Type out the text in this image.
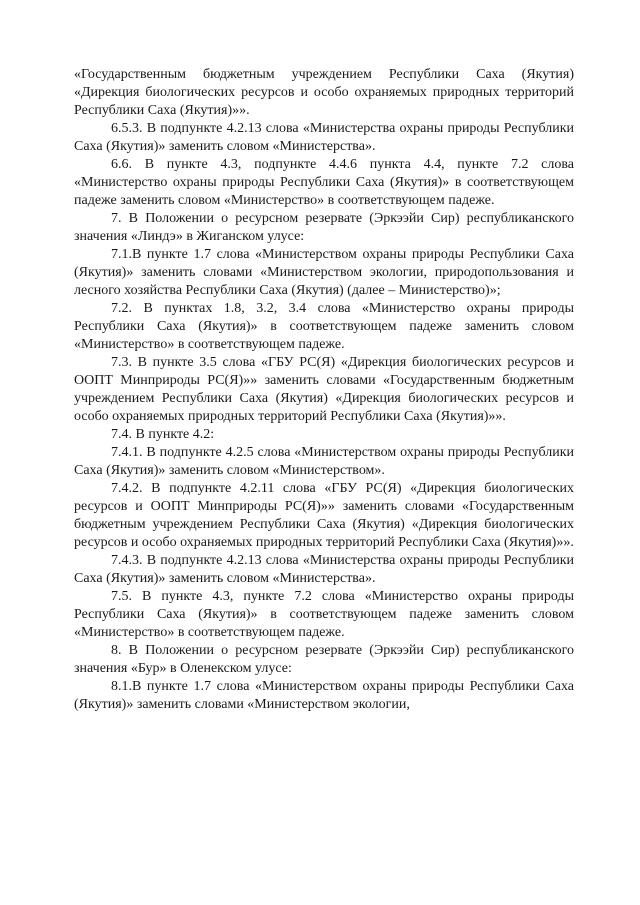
«Государственным бюджетным учреждением Республики Саха (Якутия) «Дирекция биологических ресурсов и особо охраняемых природных территорий Республики Саха (Якутия)»».

6.5.3. В подпункте 4.2.13 слова «Министерства охраны природы Республики Саха (Якутия)» заменить словом «Министерства».

6.6. В пункте 4.3, подпункте 4.4.6 пункта 4.4, пункте 7.2 слова «Министерство охраны природы Республики Саха (Якутия)» в соответствующем падеже заменить словом «Министерство» в соответствующем падеже.

7. В Положении о ресурсном резервате (Эркээйи Сир) республиканского значения «Линдэ» в Жиганском улусе:

7.1.В пункте 1.7 слова «Министерством охраны природы Республики Саха (Якутия)» заменить словами «Министерством экологии, природопользования и лесного хозяйства Республики Саха (Якутия) (далее – Министерство)»;

7.2. В пунктах 1.8, 3.2, 3.4 слова «Министерство охраны природы Республики Саха (Якутия)» в соответствующем падеже заменить словом «Министерство» в соответствующем падеже.

7.3. В пункте 3.5 слова «ГБУ РС(Я) «Дирекция биологических ресурсов и ООПТ Минприроды РС(Я)»» заменить словами «Государственным бюджетным учреждением Республики Саха (Якутия) «Дирекция биологических ресурсов и особо охраняемых природных территорий Республики Саха (Якутия)»».

7.4. В пункте 4.2:

7.4.1. В подпункте 4.2.5 слова «Министерством охраны природы Республики Саха (Якутия)» заменить словом «Министерством».

7.4.2. В подпункте 4.2.11 слова «ГБУ РС(Я) «Дирекция биологических ресурсов и ООПТ Минприроды РС(Я)»» заменить словами «Государственным бюджетным учреждением Республики Саха (Якутия) «Дирекция биологических ресурсов и особо охраняемых природных территорий Республики Саха (Якутия)»».

7.4.3. В подпункте 4.2.13 слова «Министерства охраны природы Республики Саха (Якутия)» заменить словом «Министерства».

7.5. В пункте 4.3, пункте 7.2 слова «Министерство охраны природы Республики Саха (Якутия)» в соответствующем падеже заменить словом «Министерство» в соответствующем падеже.

8. В Положении о ресурсном резервате (Эркээйи Сир) республиканского значения «Бур» в Оленекском улусе:

8.1.В пункте 1.7 слова «Министерством охраны природы Республики Саха (Якутия)» заменить словами «Министерством экологии,
